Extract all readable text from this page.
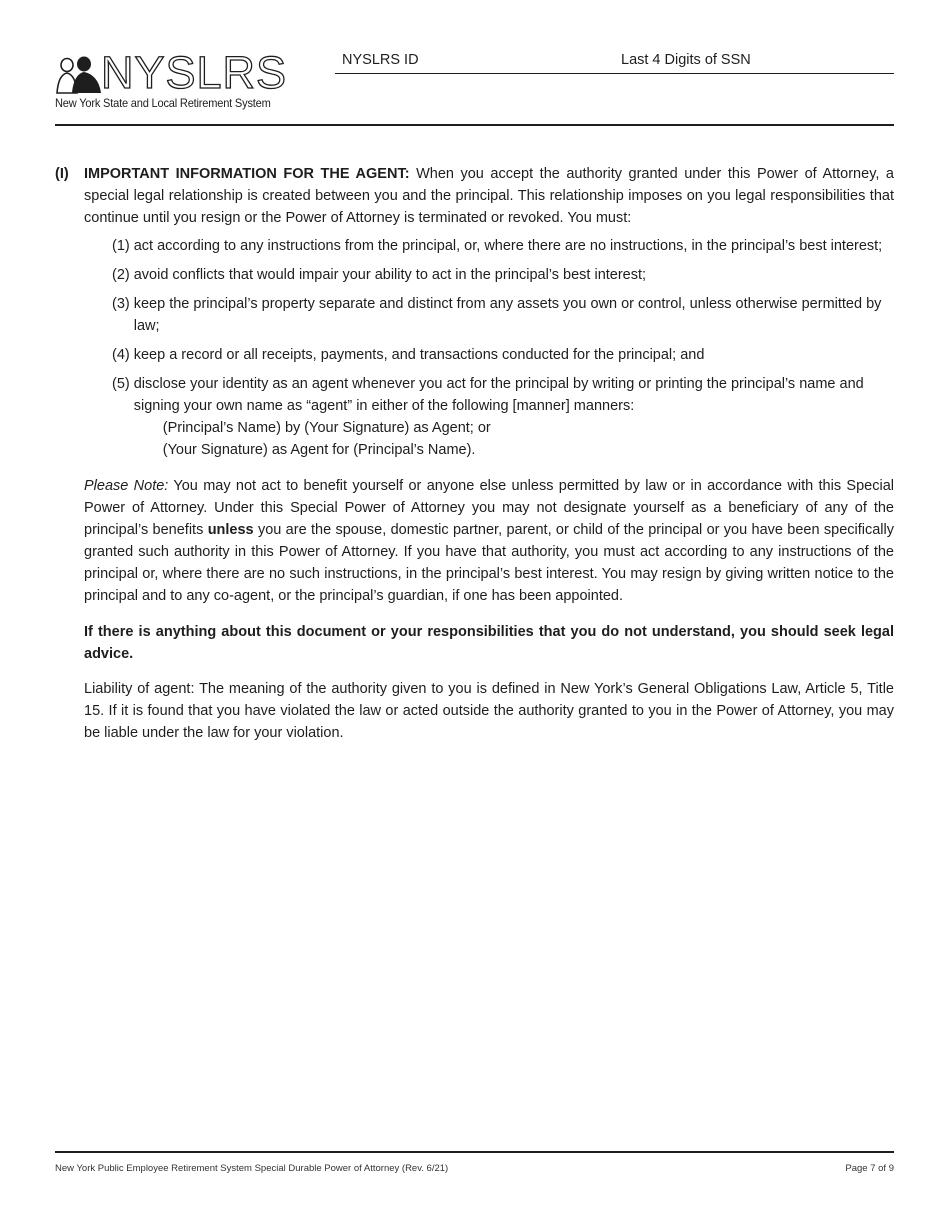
NYSLRS
New York State and Local Retirement System
NYSLRS ID	Last 4 Digits of SSN
(I) IMPORTANT INFORMATION FOR THE AGENT: When you accept the authority granted under this Power of Attorney, a special legal relationship is created between you and the principal. This relationship imposes on you legal responsibilities that continue until you resign or the Power of Attorney is terminated or revoked. You must:
(1) act according to any instructions from the principal, or, where there are no instructions, in the principal’s best interest;
(2) avoid conflicts that would impair your ability to act in the principal’s best interest;
(3) keep the principal’s property separate and distinct from any assets you own or control, unless otherwise permitted by law;
(4) keep a record or all receipts, payments, and transactions conducted for the principal; and
(5) disclose your identity as an agent whenever you act for the principal by writing or printing the principal’s name and signing your own name as “agent” in either of the following [manner] manners:
(Principal’s Name) by (Your Signature) as Agent; or
(Your Signature) as Agent for (Principal’s Name).
Please Note: You may not act to benefit yourself or anyone else unless permitted by law or in accordance with this Special Power of Attorney. Under this Special Power of Attorney you may not designate yourself as a beneficiary of any of the principal’s benefits unless you are the spouse, domestic partner, parent, or child of the principal or you have been specifically granted such authority in this Power of Attorney. If you have that authority, you must act according to any instructions of the principal or, where there are no such instructions, in the principal’s best interest. You may resign by giving written notice to the principal and to any co-agent, or the principal’s guardian, if one has been appointed.
If there is anything about this document or your responsibilities that you do not understand, you should seek legal advice.
Liability of agent: The meaning of the authority given to you is defined in New York’s General Obligations Law, Article 5, Title 15. If it is found that you have violated the law or acted outside the authority granted to you in the Power of Attorney, you may be liable under the law for your violation.
New York Public Employee Retirement System Special Durable Power of Attorney (Rev. 6/21)	Page 7 of 9
